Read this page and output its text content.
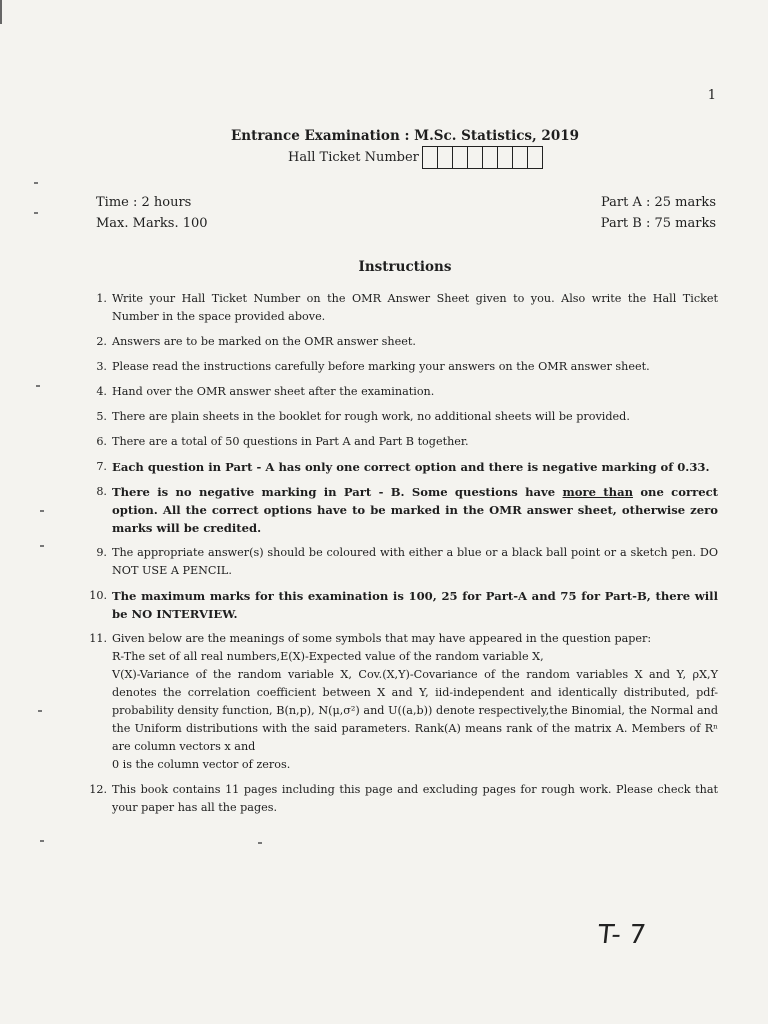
1
Entrance Examination : M.Sc. Statistics, 2019
Hall Ticket Number
Time : 2 hours
Max. Marks. 100
Part A : 25 marks
Part B : 75 marks
Instructions
1. Write your Hall Ticket Number on the OMR Answer Sheet given to you. Also write the Hall Ticket Number in the space provided above.
2. Answers are to be marked on the OMR answer sheet.
3. Please read the instructions carefully before marking your answers on the OMR answer sheet.
4. Hand over the OMR answer sheet after the examination.
5. There are plain sheets in the booklet for rough work, no additional sheets will be provided.
6. There are a total of 50 questions in Part A and Part B together.
7. Each question in Part - A has only one correct option and there is negative marking of 0.33.
8. There is no negative marking in Part - B. Some questions have more than one correct option. All the correct options have to be marked in the OMR answer sheet, otherwise zero marks will be credited.
9. The appropriate answer(s) should be coloured with either a blue or a black ball point or a sketch pen. DO NOT USE A PENCIL.
10. The maximum marks for this examination is 100, 25 for Part-A and 75 for Part-B, there will be NO INTERVIEW.
11. Given below are the meanings of some symbols that may have appeared in the question paper:
R-The set of all real numbers,E(X)-Expected value of the random variable X,
V(X)-Variance of the random variable X, Cov.(X,Y)-Covariance of the random variables X and Y, ρX,Y denotes the correlation coefficient between X and Y, iid-independent and identically distributed, pdf-probability density function, B(n,p), N(μ,σ²) and U((a,b)) denote respectively,the Binomial, the Normal and the Uniform distributions with the said parameters. Rank(A) means rank of the matrix A. Members of Rⁿ are column vectors x and
0 is the column vector of zeros.
12. This book contains 11 pages including this page and excluding pages for rough work. Please check that your paper has all the pages.
T- 7
